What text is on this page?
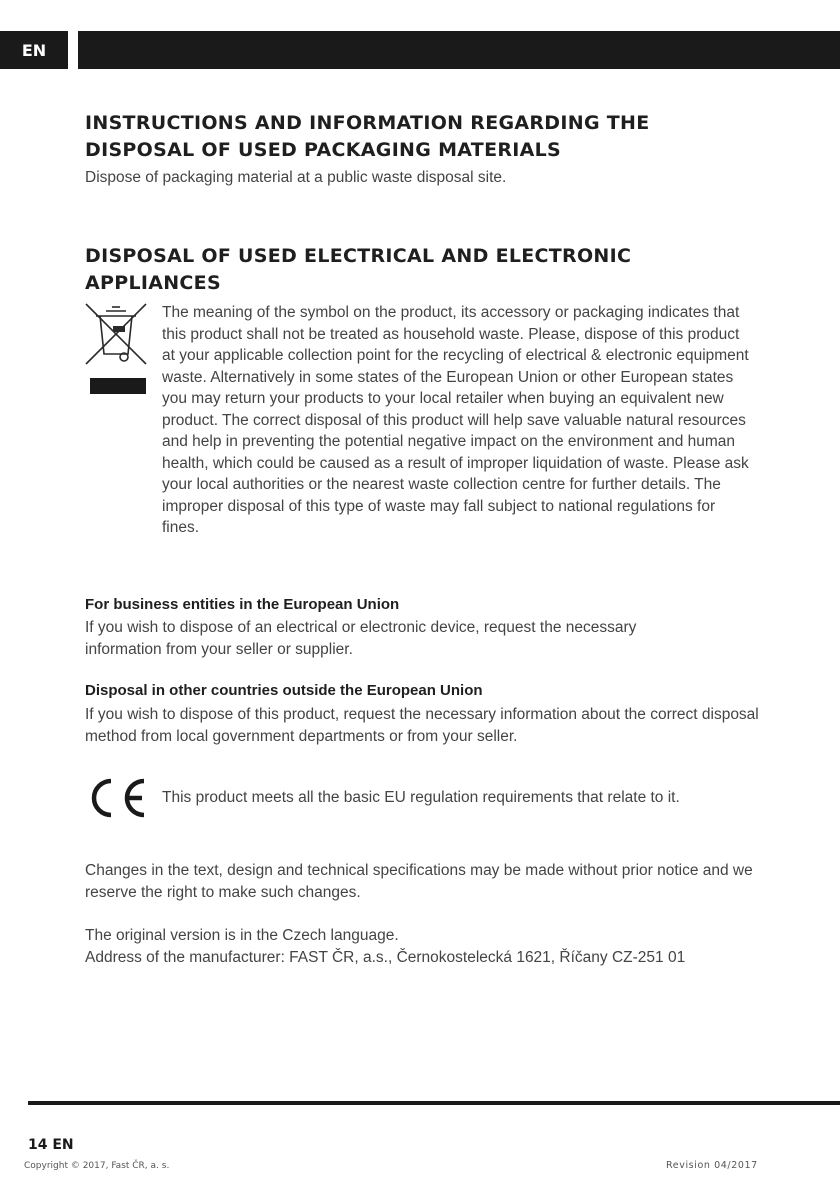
EN
INSTRUCTIONS AND INFORMATION REGARDING THE
DISPOSAL OF USED PACKAGING MATERIALS
Dispose of packaging material at a public waste disposal site.
DISPOSAL OF USED ELECTRICAL AND ELECTRONIC
APPLIANCES
The meaning of the symbol on the product, its accessory or packaging indicates that this product shall not be treated as household waste. Please, dispose of this product at your applicable collection point for the recycling of electrical & electronic equipment waste. Alternatively in some states of the European Union or other European states you may return your products to your local retailer when buying an equivalent new product. The correct disposal of this product will help save valuable natural resources and help in preventing the potential negative impact on the environment and human health, which could be caused as a result of improper liquidation of waste. Please ask your local authorities or the nearest waste collection centre for further details. The improper disposal of this type of waste may fall subject to national regulations for fines.
For business entities in the European Union
If you wish to dispose of an electrical or electronic device, request the necessary information from your seller or supplier.
Disposal in other countries outside the European Union
If you wish to dispose of this product, request the necessary information about the correct disposal method from local government departments or from your seller.
This product meets all the basic EU regulation requirements that relate to it.
Changes in the text, design and technical specifications may be made without prior notice and we reserve the right to make such changes.
The original version is in the Czech language.
Address of the manufacturer: FAST ČR, a.s., Černokostelecká 1621, Říčany CZ-251 01
14 EN
Copyright © 2017, Fast ČR, a. s.	Revision 04/2017
